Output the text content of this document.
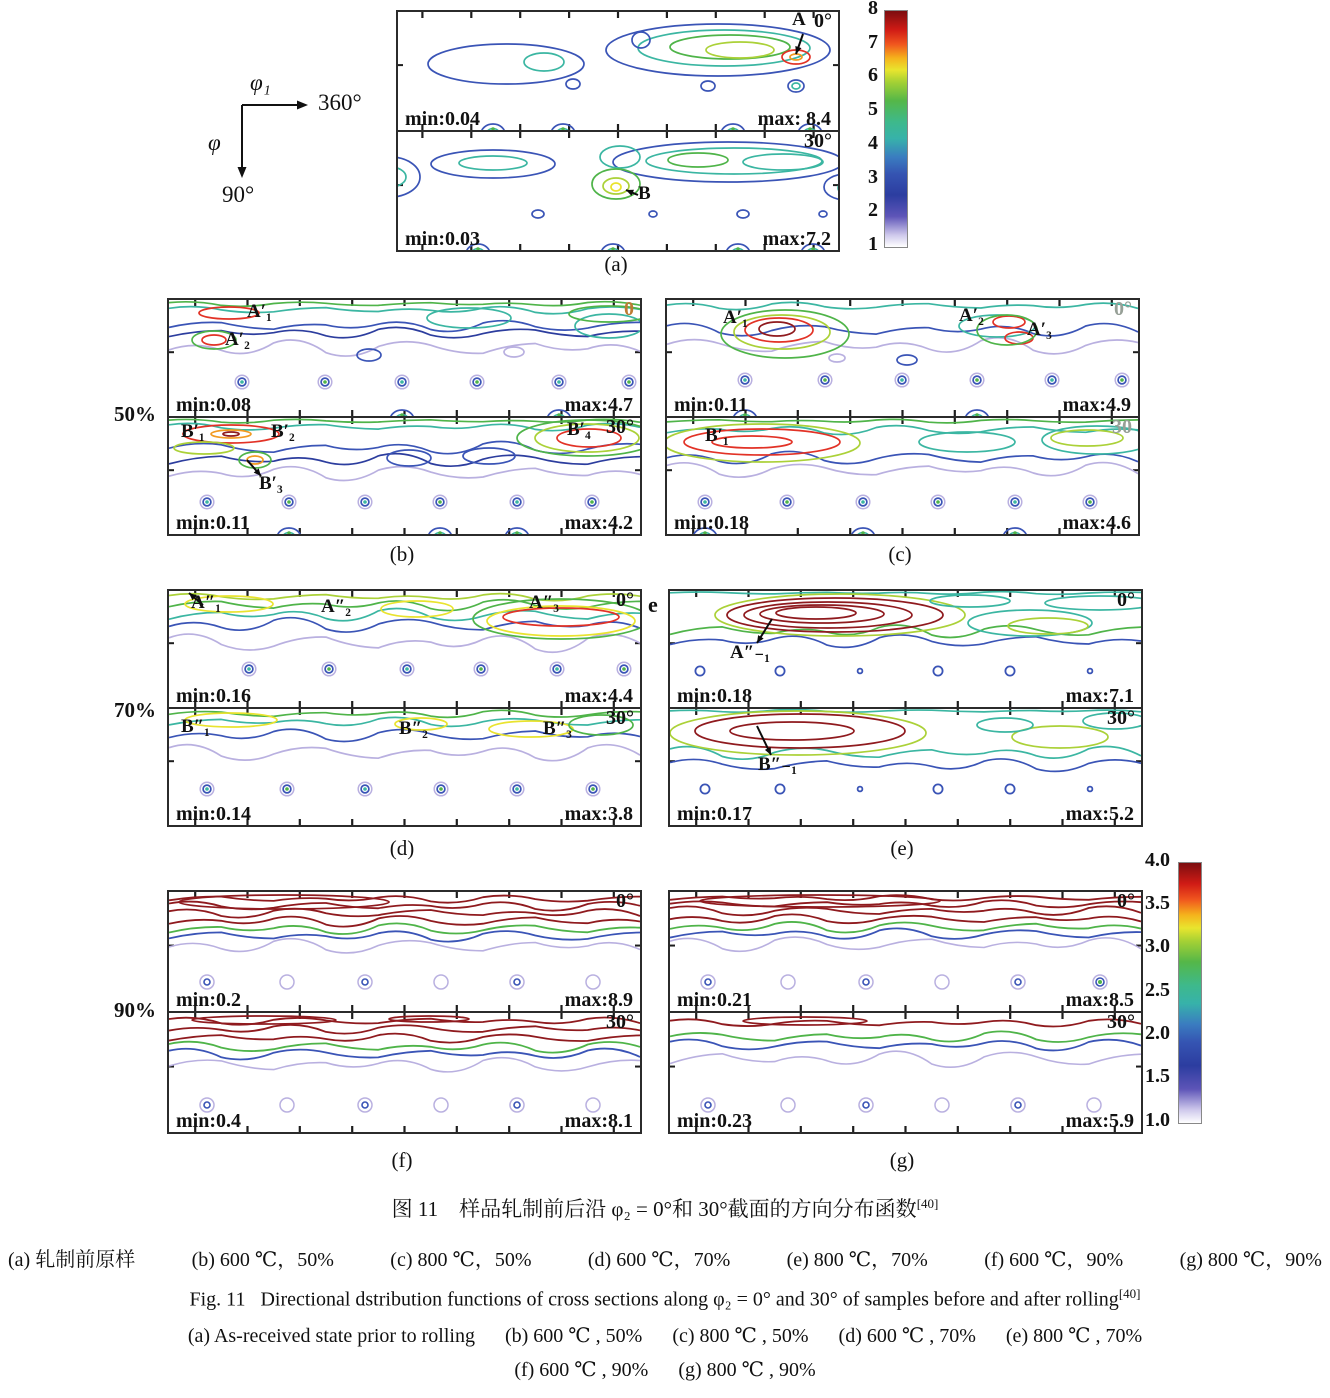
φ₁
360°
φ
90°
A 0°
min:0.04	max: 8.4
B
30°
min:0.03	max:7.2
8
7
6
5
4
3
2
1
(a)
50%
A′₁
A′₂
0
min:0.08	max:4.7
B′₁	B′₂
B′₃
B′₄ 30°
min:0.11	max:4.2
(b)
A′₁	A′₂
A′₃
0°
min:0.11	max:4.9
B′₁	30
min:0.18	max:4.6
(c)
70%
A″₁	A″₂	A″₃	0°
min:0.16	max:4.4
B″₁	B″₂	B″₃ 30°
min:0.14	max:3.8
(d)
e
A″₋₁
0°
min:0.18	max:7.1
B″₋₁
30°
min:0.17	max:5.2
(e)
90%
0°
min:0.2	max:8.9
30°
min:0.4	max:8.1
(f)
0°
min:0.21	max:8.5
30°
min:0.23	max:5.9
(g)
4.0
3.5
3.0
2.5
2.0
1.5
1.0
图 11　样品轧制前后沿 φ₂ = 0°和 30°截面的方向分布函数[40]
(a) 轧制前原样	(b) 600 ℃，50%	(c) 800 ℃，50%	(d) 600 ℃，70%	(e) 800 ℃，70%	(f) 600 ℃，90%	(g) 800 ℃，90%
Fig. 11   Directional dstribution functions of cross sections along φ₂ = 0° and 30° of samples before and after rolling[40]
(a) As-received state prior to rolling      (b) 600 ℃ , 50%      (c) 800 ℃ , 50%      (d) 600 ℃ , 70%      (e) 800 ℃ , 70%
(f) 600 ℃ , 90%      (g) 800 ℃ , 90%
